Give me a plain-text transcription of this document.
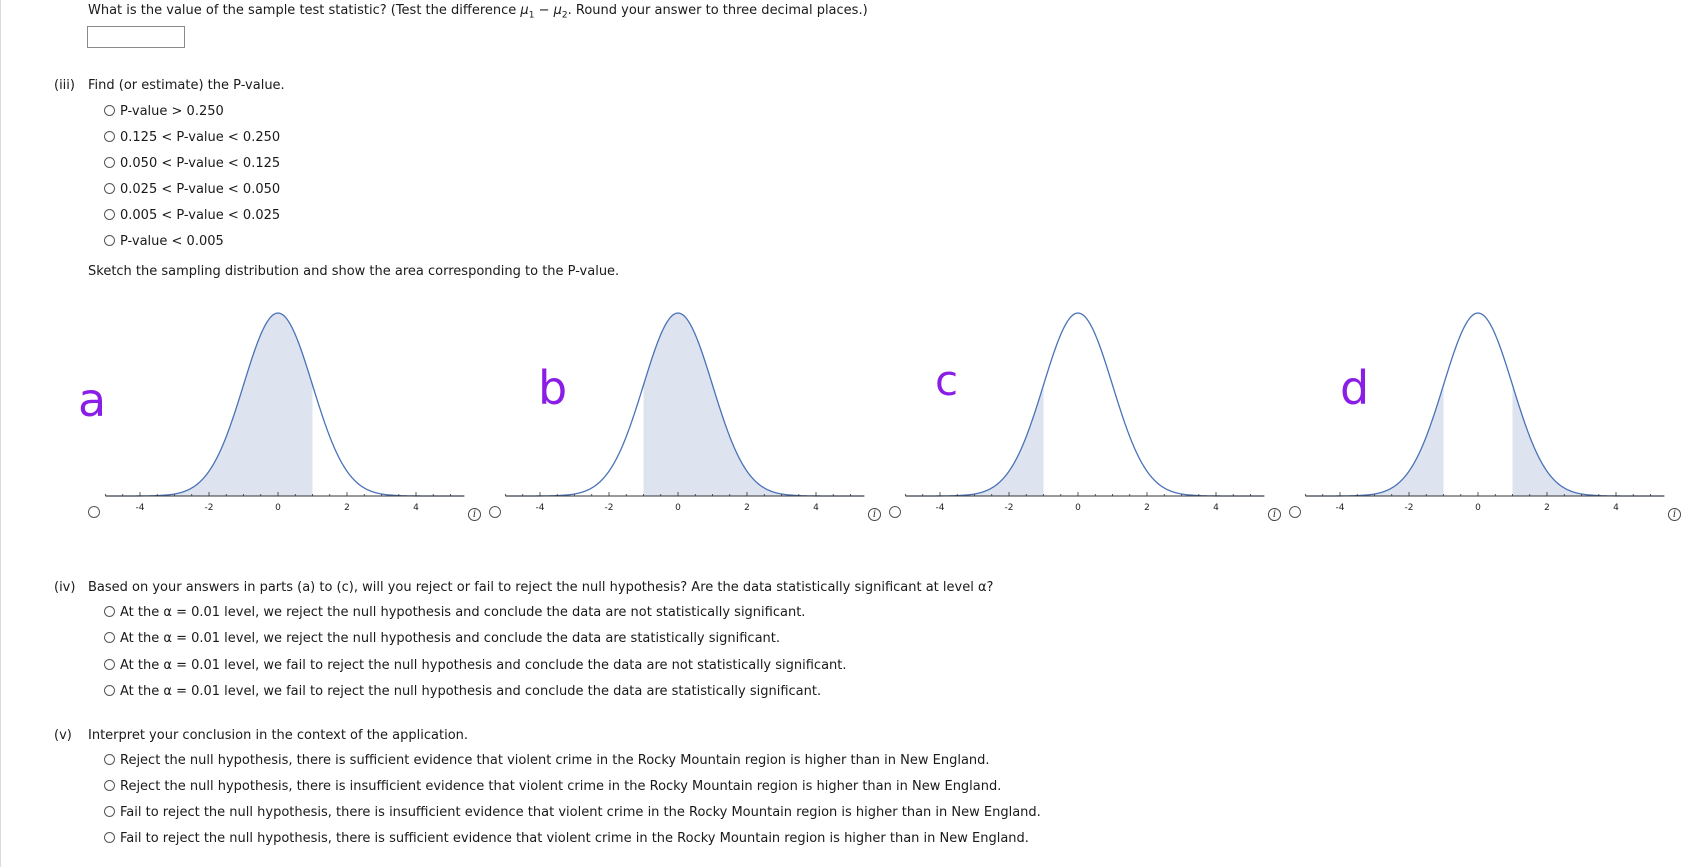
What is the value of the sample test statistic? (Test the difference $\mu_1 - \mu_2$. Round your answer to three decimal places.)
(iii) Find (or estimate) the P-value.
P-value > 0.250
0.125 < P-value < 0.250
0.050 < P-value < 0.125
0.025 < P-value < 0.050
0.005 < P-value < 0.025
P-value < 0.005
Sketch the sampling distribution and show the area corresponding to the P-value.
a
-4	-2	0	2	4
b
-4	-2	0	2	4
c
-4	-2	0	2	4
d
-4	-2	0	2	4
i	i	i	i
(iv) Based on your answers in parts (a) to (c), will you reject or fail to reject the null hypothesis? Are the data statistically significant at level α?
At the α = 0.01 level, we reject the null hypothesis and conclude the data are not statistically significant.
At the α = 0.01 level, we reject the null hypothesis and conclude the data are statistically significant.
At the α = 0.01 level, we fail to reject the null hypothesis and conclude the data are not statistically significant.
At the α = 0.01 level, we fail to reject the null hypothesis and conclude the data are statistically significant.
(v) Interpret your conclusion in the context of the application.
Reject the null hypothesis, there is sufficient evidence that violent crime in the Rocky Mountain region is higher than in New England.
Reject the null hypothesis, there is insufficient evidence that violent crime in the Rocky Mountain region is higher than in New England.
Fail to reject the null hypothesis, there is insufficient evidence that violent crime in the Rocky Mountain region is higher than in New England.
Fail to reject the null hypothesis, there is sufficient evidence that violent crime in the Rocky Mountain region is higher than in New England.
